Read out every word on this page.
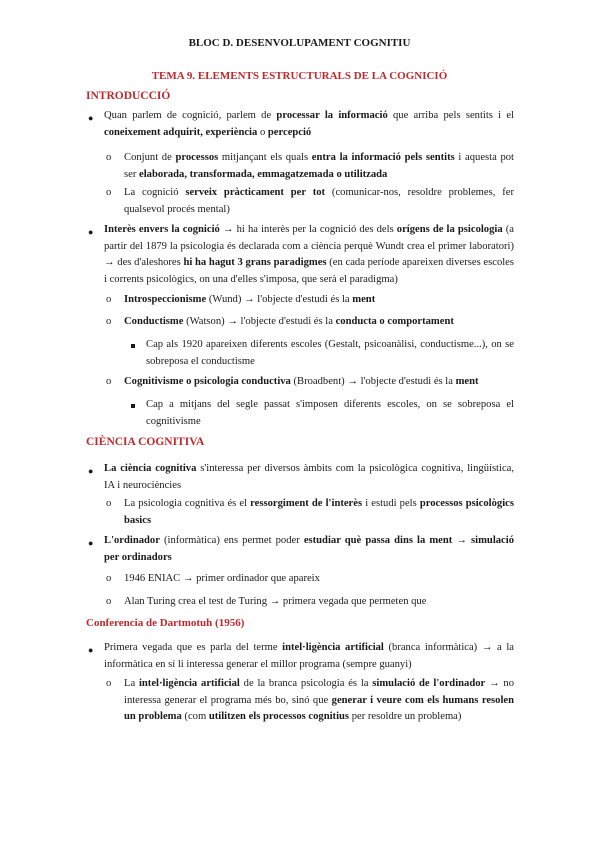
BLOC D. DESENVOLUPAMENT COGNITIU
TEMA 9. ELEMENTS ESTRUCTURALS DE LA COGNICIÓ
INTRODUCCIÓ
● Quan parlem de cognició, parlem de processar la informació que arriba pels sentits i el coneixement adquirit, experiència o percepció
o Conjunt de processos mitjançant els quals entra la informació pels sentits i aquesta pot ser elaborada, transformada, emmagatzemada o utilitzada
o La cognició serveix pràcticament per tot (comunicar-nos, resoldre problemes, fer qualsevol procés mental)
● Interès envers la cognició → hi ha interès per la cognició des dels orígens de la psicologia (a partir del 1879 la psicologia és declarada com a ciència perquè Wundt crea el primer laboratori) → des d'aleshores hi ha hagut 3 grans paradigmes (en cada període apareixen diverses escoles i corrents psicològics, on una d'elles s'imposa, que serà el paradigma)
o Introspeccionisme (Wund) → l'objecte d'estudi és la ment
o Conductisme (Watson) → l'objecte d'estudi és la conducta o comportament
Cap als 1920 apareixen diferents escoles (Gestalt, psicoanàlisi, conductisme...), on se sobreposa el conductisme
o Cognitivisme o psicologia conductiva (Broadbent) → l'objecte d'estudi és la ment
Cap a mitjans del segle passat s'imposen diferents escoles, on se sobreposa el cognitivisme
CIÈNCIA COGNITIVA
● La ciència cognitiva s'interessa per diversos àmbits com la psicològica cognitiva, lingüística, IA i neurociències
o La psicologia cognitiva és el ressorgiment de l'interès i estudi pels processos psicològics basics
● L'ordinador (informàtica) ens permet poder estudiar què passa dins la ment → simulació per ordinadors
o 1946 ENIAC → primer ordinador que apareix
o Alan Turing crea el test de Turing → primera vegada que permeten que
Conferencia de Dartmotuh (1956)
● Primera vegada que es parla del terme intel·ligència artificial (branca informàtica) → a la informàtica en sí li interessa generar el millor programa (sempre guanyi)
o La intel·ligència artificial de la branca psicologia és la simulació de l'ordinador → no interessa generar el programa més bo, sinó que generar i veure com els humans resolen un problema (com utilitzen els processos cognitius per resoldre un problema)
